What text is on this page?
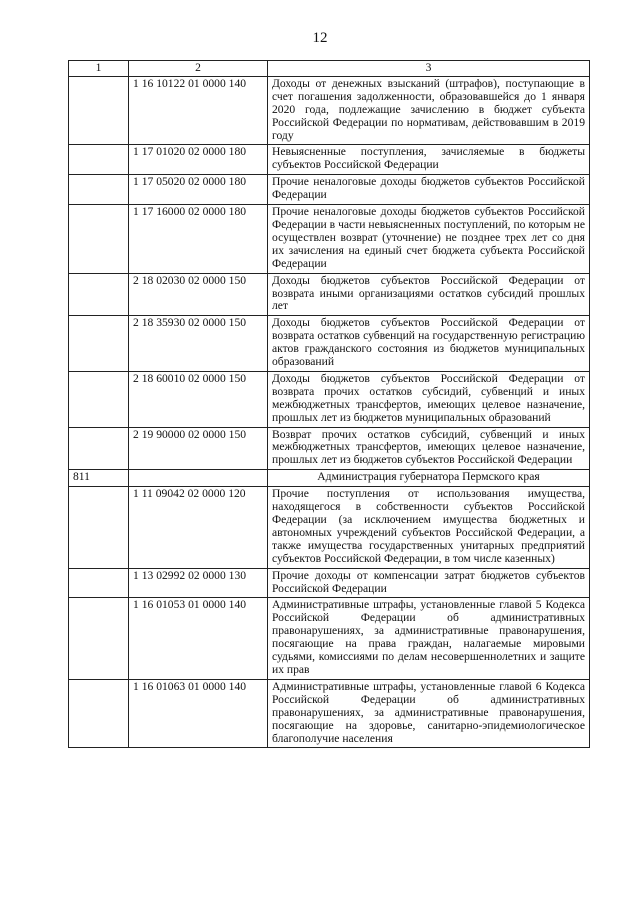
12
1	2	3
	1 16 10122 01 0000 140	Доходы от денежных взысканий (штрафов), поступающие в счет погашения задолженности, образовавшейся до 1 января 2020 года, подлежащие зачислению в бюджет субъекта Российской Федерации по нормативам, действовавшим в 2019 году
	1 17 01020 02 0000 180	Невыясненные поступления, зачисляемые в бюджеты субъектов Российской Федерации
	1 17 05020 02 0000 180	Прочие неналоговые доходы бюджетов субъектов Российской Федерации
	1 17 16000 02 0000 180	Прочие неналоговые доходы бюджетов субъектов Российской Федерации в части невыясненных поступлений, по которым не осуществлен возврат (уточнение) не позднее трех лет со дня их зачисления на единый счет бюджета субъекта Российской Федерации
	2 18 02030 02 0000 150	Доходы бюджетов субъектов Российской Федерации от возврата иными организациями остатков субсидий прошлых лет
	2 18 35930 02 0000 150	Доходы бюджетов субъектов Российской Федерации от возврата остатков субвенций на государственную регистрацию актов гражданского состояния из бюджетов муниципальных образований
	2 18 60010 02 0000 150	Доходы бюджетов субъектов Российской Федерации от возврата прочих остатков субсидий, субвенций и иных межбюджетных трансфертов, имеющих целевое назначение, прошлых лет из бюджетов муниципальных образований
	2 19 90000 02 0000 150	Возврат прочих остатков субсидий, субвенций и иных межбюджетных трансфертов, имеющих целевое назначение, прошлых лет из бюджетов субъектов Российской Федерации
811		Администрация губернатора Пермского края
	1 11 09042 02 0000 120	Прочие поступления от использования имущества, находящегося в собственности субъектов Российской Федерации (за исключением имущества бюджетных и автономных учреждений субъектов Российской Федерации, а также имущества государственных унитарных предприятий субъектов Российской Федерации, в том числе казенных)
	1 13 02992 02 0000 130	Прочие доходы от компенсации затрат бюджетов субъектов Российской Федерации
	1 16 01053 01 0000 140	Административные штрафы, установленные главой 5 Кодекса Российской Федерации об административных правонарушениях, за административные правонарушения, посягающие на права граждан, налагаемые мировыми судьями, комиссиями по делам несовершеннолетних и защите их прав
	1 16 01063 01 0000 140	Административные штрафы, установленные главой 6 Кодекса Российской Федерации об административных правонарушениях, за административные правонарушения, посягающие на здоровье, санитарно-эпидемиологическое благополучие населения
